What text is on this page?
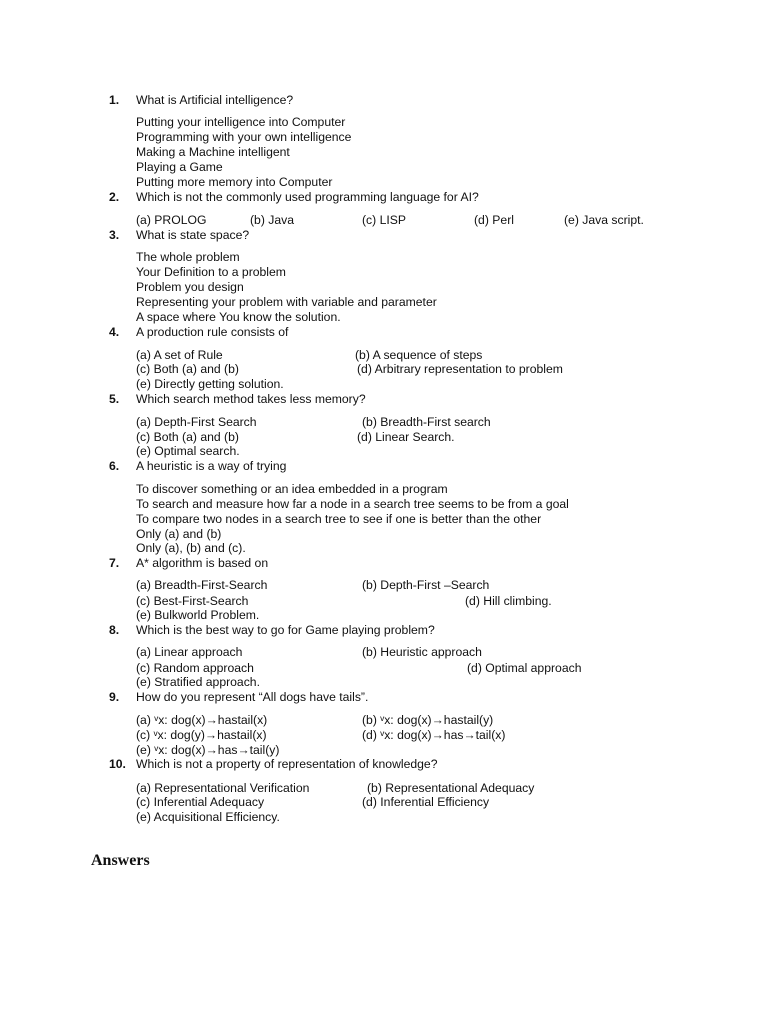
1. What is Artificial intelligence?
Putting your intelligence into Computer
Programming with your own intelligence
Making a Machine intelligent
Playing a Game
Putting more memory into Computer
2. Which is not the commonly used programming language for AI?
(a) PROLOG	(b) Java	(c) LISP	(d) Perl	(e) Java script.
3. What is state space?
The whole problem
Your Definition to a problem
Problem you design
Representing your problem with variable and parameter
A space where You know the solution.
4. A production rule consists of
(a) A set of Rule	(b) A sequence of steps
(c) Both (a) and (b)	(d) Arbitrary representation to problem
(e) Directly getting solution.
5. Which search method takes less memory?
(a) Depth-First Search	(b) Breadth-First search
(c) Both (a) and (b)	(d) Linear Search.
(e) Optimal search.
6. A heuristic is a way of trying
To discover something or an idea embedded in a program
To search and measure how far a node in a search tree seems to be from a goal
To compare two nodes in a search tree to see if one is better than the other
Only (a) and (b)
Only (a), (b) and (c).
7. A* algorithm is based on
(a) Breadth-First-Search	(b) Depth-First –Search
(c) Best-First-Search	(d) Hill climbing.
(e) Bulkworld Problem.
8. Which is the best way to go for Game playing problem?
(a) Linear approach	(b) Heuristic approach
(c) Random approach	(d) Optimal approach
(e) Stratified approach.
9. How do you represent “All dogs have tails”.
(a) ᵛx: dog(x)→hastail(x)	(b) ᵛx: dog(x)→hastail(y)
(c) ᵛx: dog(y)→hastail(x)	(d) ᵛx: dog(x)→has→tail(x)
(e) ᵛx: dog(x)→has→tail(y)
10. Which is not a property of representation of knowledge?
(a) Representational Verification	(b) Representational Adequacy
(c) Inferential Adequacy	(d) Inferential Efficiency
(e) Acquisitional Efficiency.
Answers
